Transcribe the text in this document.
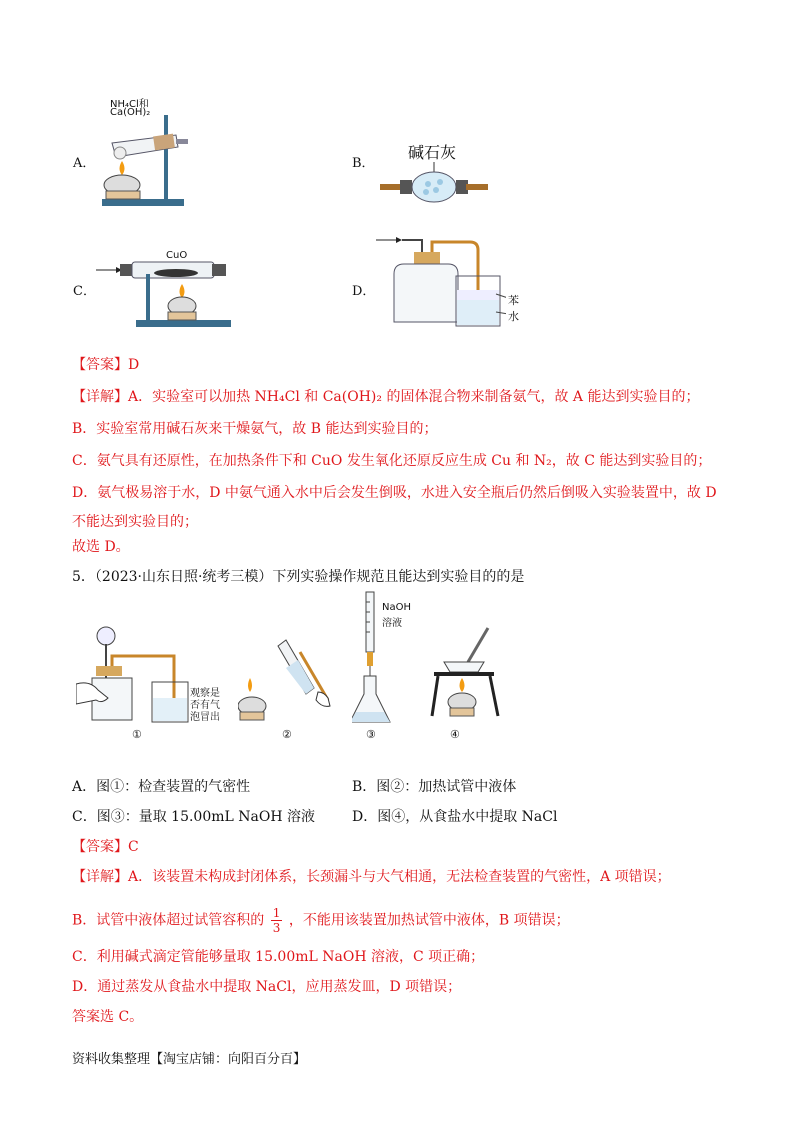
A．	B．
C．	D．
NH₄Cl和
Ca(OH)₂
碱石灰
CuO
苯
水
【答案】D
【详解】A．实验室可以加热 NH₄Cl 和 Ca(OH)₂ 的固体混合物来制备氨气，故 A 能达到实验目的；
B．实验室常用碱石灰来干燥氨气，故 B 能达到实验目的；
C．氨气具有还原性，在加热条件下和 CuO 发生氧化还原反应生成 Cu 和 N₂，故 C 能达到实验目的；
D．氨气极易溶于水，D 中氨气通入水中后会发生倒吸，水进入安全瓶后仍然后倒吸入实验装置中，故 D
不能达到实验目的；
故选 D。
5．（2023·山东日照·统考三模）下列实验操作规范且能达到实验目的的是
观察是
否有气
泡冒出
①	②
NaOH
溶液
③	④
A．图①：检查装置的气密性	B．图②：加热试管中液体
C．图③：量取 15.00mL NaOH 溶液	D．图④，从食盐水中提取 NaCl
【答案】C
【详解】A．该装置未构成封闭体系，长颈漏斗与大气相通，无法检查装置的气密性，A 项错误；
B．试管中液体超过试管容积的 $\frac{1}{3}$ ，不能用该装置加热试管中液体，B 项错误；
C．利用碱式滴定管能够量取 15.00mL NaOH 溶液，C 项正确；
D．通过蒸发从食盐水中提取 NaCl，应用蒸发皿，D 项错误；
答案选 C。
资料收集整理【淘宝店铺：向阳百分百】
